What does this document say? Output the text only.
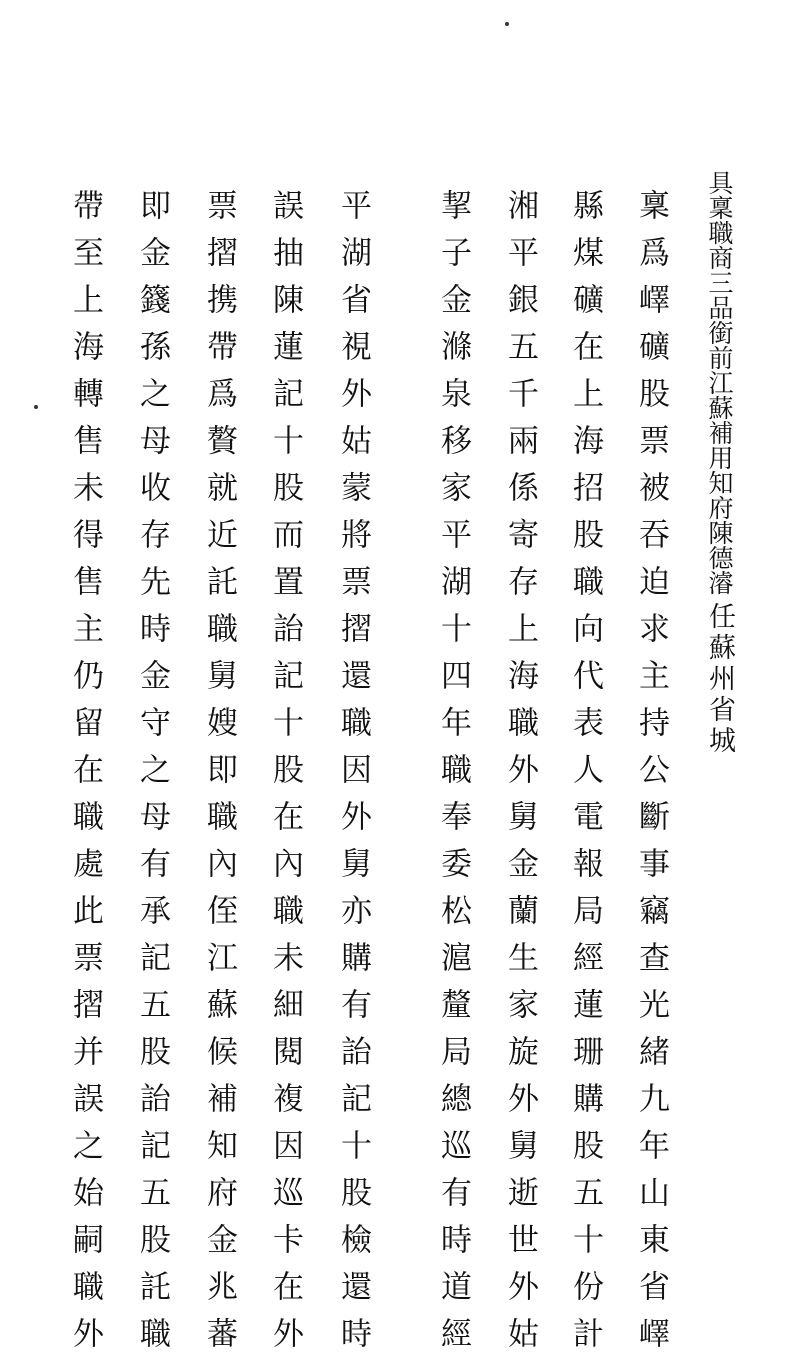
具稟職商三品銜前江蘇補用知府陳德濬
任蘇州省城
稟爲嶧礦股票被吞迫求主持公斷事竊查光緒九年山東省嶧
縣煤礦在上海招股職向代表人電報局經蓮珊購股五十份計
湘平銀五千兩係寄存上海職外舅金蘭生家旋外舅逝世外姑
挈子金滌泉移家平湖十四年職奉委松滬釐局總巡有時道經
平湖省視外姑蒙將票摺還職因外舅亦購有詒記十股檢還時
誤抽陳蓮記十股而置詒記十股在內職未細閱複因巡卡在外
票摺携帶爲贅就近託職舅嫂即職內侄江蘇候補知府金兆蕃
即金籛孫之母收存先時金守之母有承記五股詒記五股託職
帶至上海轉售未得售主仍留在職處此票摺并誤之始嗣職外
